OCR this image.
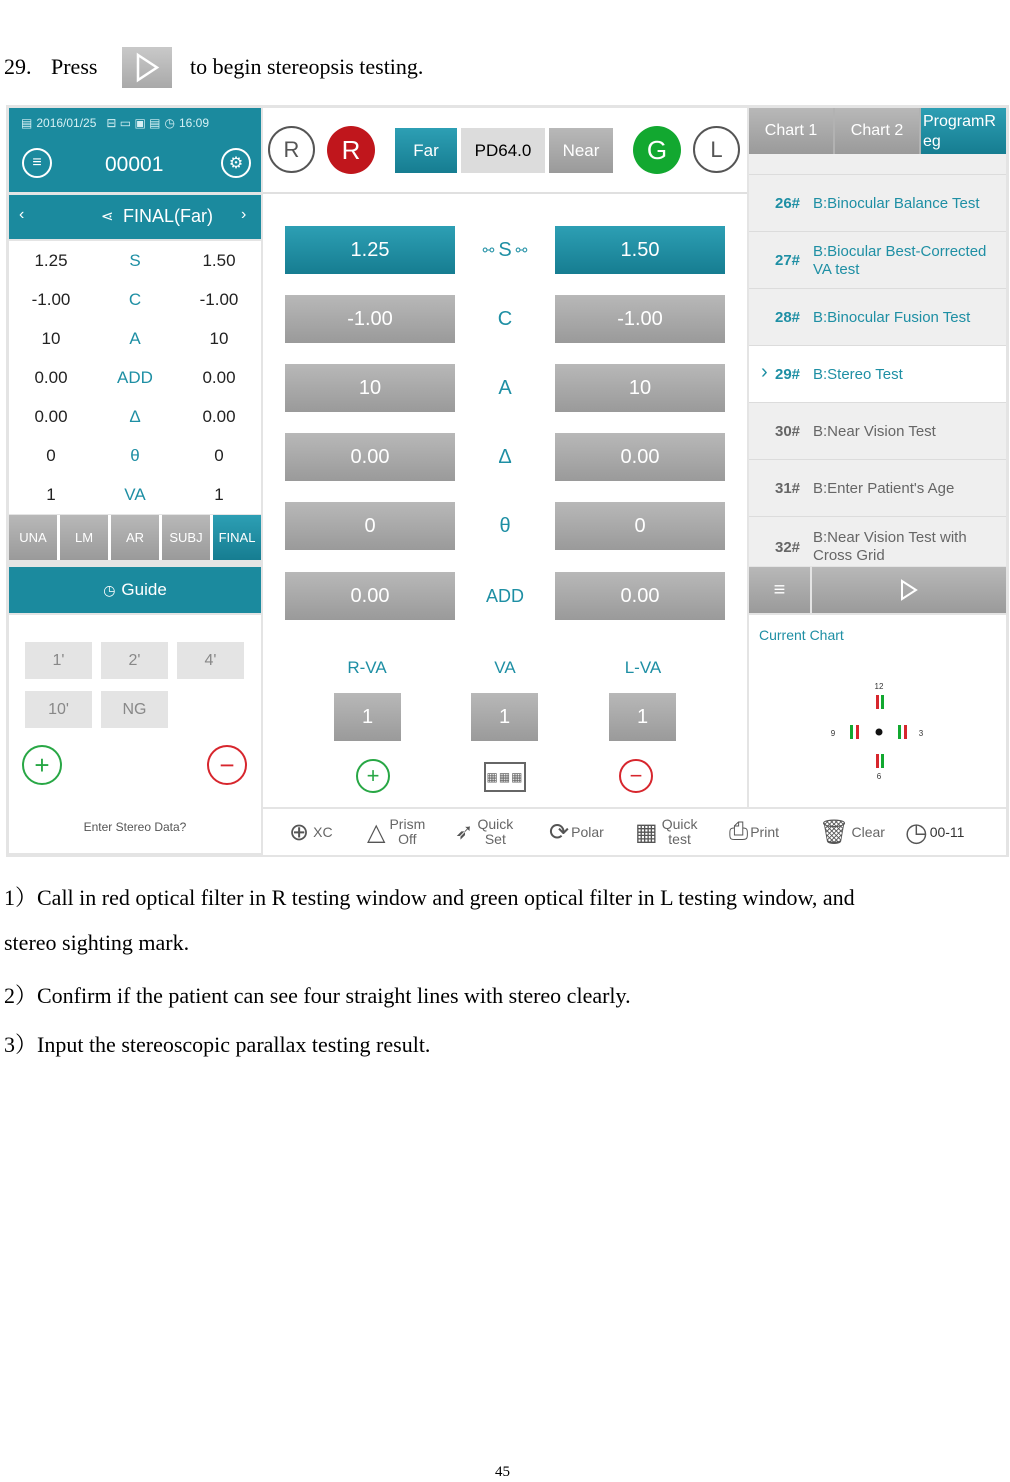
29. Press	to begin stereopsis testing.
▤ 2016/01/25 ⊟ ▭ ▣ ▤ ◷ 16:09
≡	00001	⚙
‹	⋖ FINAL(Far) ›
1.25	S	1.50
-1.00	C	-1.00
10	A	10
0.00	ADD	0.00
0.00	Δ	0.00
0	θ	0
1	VA	1
UNA	LM	AR	SUBJ	FINAL
◷ Guide
1'	2'	4'
10'	NG
+	−
Enter Stereo Data?
R	R	Far	PD64.0	Near	G	L
1.25	⚯ S ⚯	1.50
-1.00	C	-1.00
10	A	10
0.00	Δ	0.00
0	θ	0
0.00	ADD	0.00
R-VA	VA	L-VA
1	1	1
+	▦▦▦	−
Chart 1	Chart 2
ProgramReg
26# B:Binocular Balance Test
27#
B:Biocular Best-Corrected VA test
28# B:Binocular Fusion Test
› 29# B:Stereo Test
30# B:Near Vision Test
31# B:Enter Patient's Age
32#
B:Near Vision Test with Cross Grid
≡
Current Chart
12
9	3
6
⊕ XC △ Prism
Off ➶ Quick
Set ⟳ Polar ▦ Quick
test ⎙ Print 🗑 Clear ◷ 00-11
1）Call in red optical filter in R testing window and green optical filter in L testing window, and
stereo sighting mark.
2）Confirm if the patient can see four straight lines with stereo clearly.
3）Input the stereoscopic parallax testing result.
45
